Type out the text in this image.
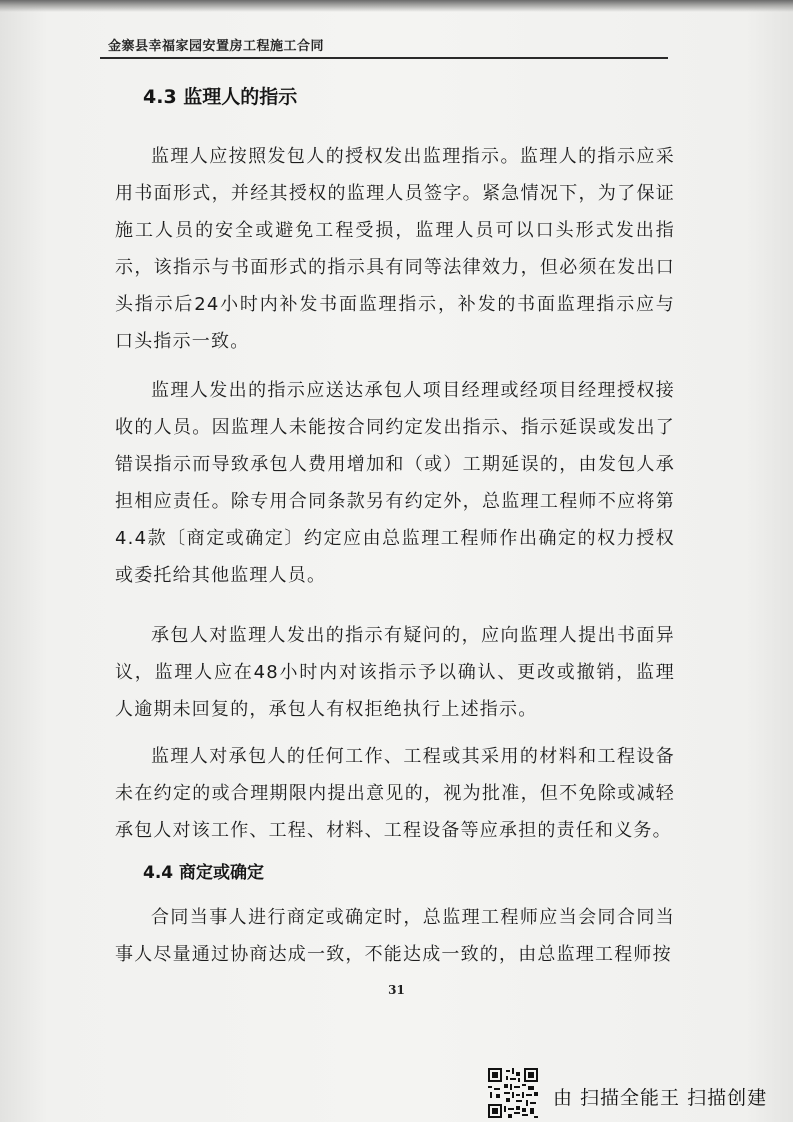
金寨县幸福家园安置房工程施工合同
4.3 监理人的指示
监理人应按照发包人的授权发出监理指示。监理人的指示应采用书面形式，并经其授权的监理人员签字。紧急情况下，为了保证施工人员的安全或避免工程受损，监理人员可以口头形式发出指示，该指示与书面形式的指示具有同等法律效力，但必须在发出口头指示后24小时内补发书面监理指示，补发的书面监理指示应与口头指示一致。
监理人发出的指示应送达承包人项目经理或经项目经理授权接收的人员。因监理人未能按合同约定发出指示、指示延误或发出了错误指示而导致承包人费用增加和（或）工期延误的，由发包人承担相应责任。除专用合同条款另有约定外，总监理工程师不应将第4.4款〔商定或确定〕约定应由总监理工程师作出确定的权力授权或委托给其他监理人员。
承包人对监理人发出的指示有疑问的，应向监理人提出书面异议，监理人应在48小时内对该指示予以确认、更改或撤销，监理人逾期未回复的，承包人有权拒绝执行上述指示。
监理人对承包人的任何工作、工程或其采用的材料和工程设备未在约定的或合理期限内提出意见的，视为批准，但不免除或减轻承包人对该工作、工程、材料、工程设备等应承担的责任和义务。
4.4 商定或确定
合同当事人进行商定或确定时，总监理工程师应当会同合同当事人尽量通过协商达成一致，不能达成一致的，由总监理工程师按
31
由 扫描全能王 扫描创建
